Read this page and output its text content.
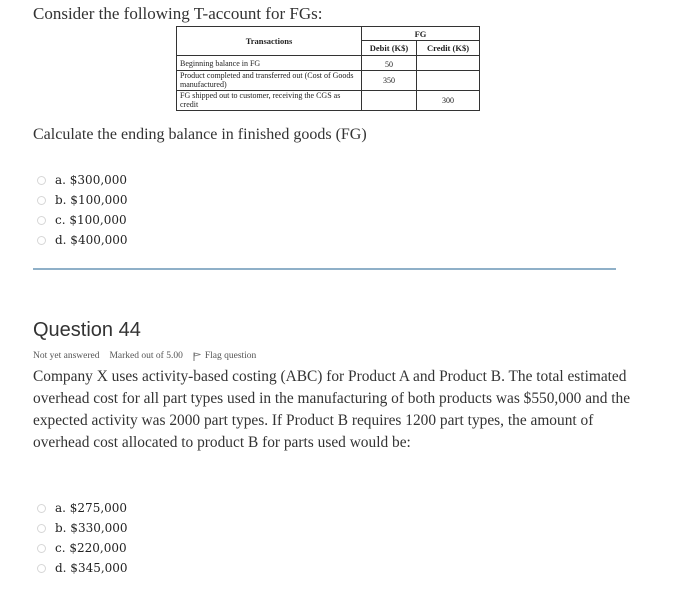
Consider the following T-account for FGs:
Transactions	FG	
	Debit (K$)	Credit (K$)

Beginning balance in FG	50	
Product completed and transferred out (Cost of Goods manufactured)	350	
FG shipped out to customer, receiving the CGS as credit		300
Calculate the ending balance in finished goods (FG)
a. $300,000
b. $100,000
c. $100,000
d. $400,000
Question 44
Not yet answered Marked out of 5.00 Flag question
Company X uses activity-based costing (ABC) for Product A and Product B. The total estimated overhead cost for all part types used in the manufacturing of both products was $550,000 and the expected activity was 2000 part types. If Product B requires 1200 part types, the amount of overhead cost allocated to product B for parts used would be:
a. $275,000
b. $330,000
c. $220,000
d. $345,000
